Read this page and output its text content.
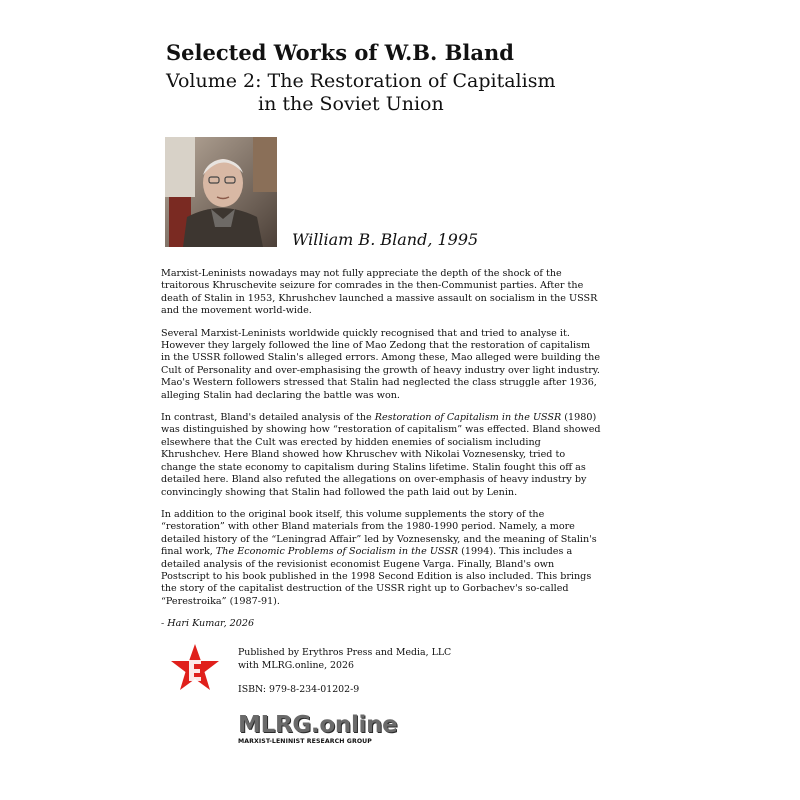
Selected Works of W.B. Bland
Volume 2: The Restoration of Capitalism
in the Soviet Union
William B. Bland, 1995

Marxist-Leninists nowadays may not fully appreciate the depth of the shock of the traitorous Khruschevite seizure for comrades in the then-Communist parties. After the death of Stalin in 1953, Khrushchev launched a massive assault on socialism in the USSR and the movement world-wide.

Several Marxist-Leninists worldwide quickly recognised that and tried to analyse it. However they largely followed the line of Mao Zedong that the restoration of capitalism in the USSR followed Stalin's alleged errors. Among these, Mao alleged were building the Cult of Personality and over-emphasising the growth of heavy industry over light industry. Mao's Western followers stressed that Stalin had neglected the class struggle after 1936, alleging Stalin had declaring the battle was won.

In contrast, Bland's detailed analysis of the Restoration of Capitalism in the USSR (1980) was distinguished by showing how “restoration of capitalism” was effected. Bland showed elsewhere that the Cult was erected by hidden enemies of socialism including Khrushchev. Here Bland showed how Khruschev with Nikolai Voznesensky, tried to change the state economy to capitalism during Stalins lifetime. Stalin fought this off as detailed here. Bland also refuted the allegations on over-emphasis of heavy industry by convincingly showing that Stalin had followed the path laid out by Lenin.

In addition to the original book itself, this volume supplements the story of the “restoration” with other Bland materials from the 1980-1990 period. Namely, a more detailed history of the “Leningrad Affair” led by Voznesensky, and the meaning of Stalin's final work, The Economic Problems of Socialism in the USSR (1994). This includes a detailed analysis of the revisionist economist Eugene Varga. Finally, Bland's own Postscript to his book published in the 1998 Second Edition is also included. This brings the story of the capitalist destruction of the USSR right up to Gorbachev's so-called “Perestroika” (1987-91).

- Hari Kumar, 2026

Published by Erythros Press and Media, LLC
with MLRG.online, 2026
ISBN: 979-8-234-01202-9
MLRG.online
MARXIST-LENINIST RESEARCH GROUP
